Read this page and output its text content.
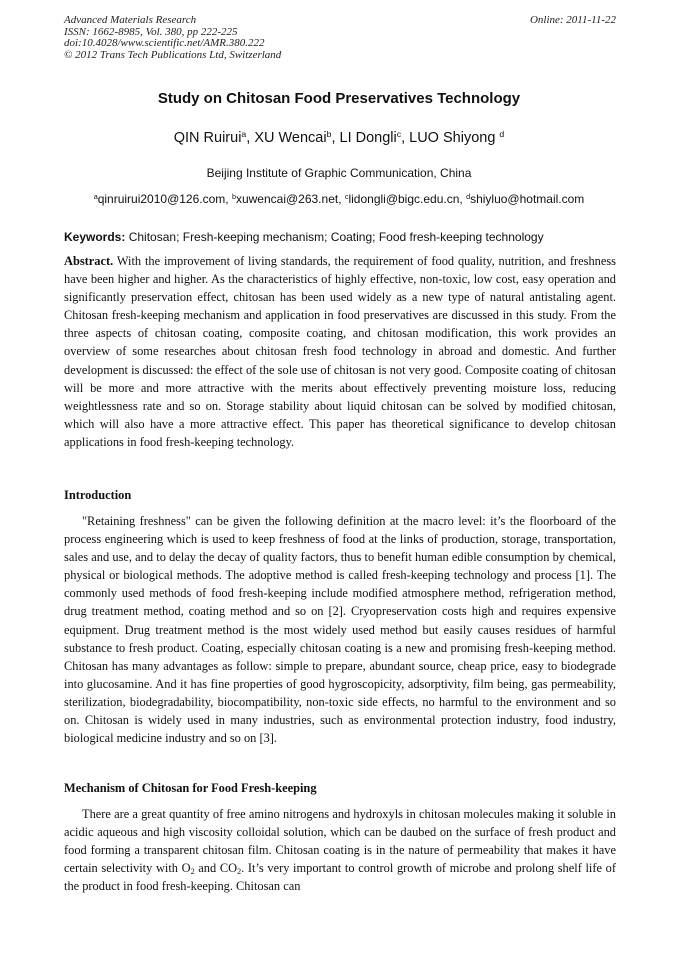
Advanced Materials Research
ISSN: 1662-8985, Vol. 380, pp 222-225
doi:10.4028/www.scientific.net/AMR.380.222
© 2012 Trans Tech Publications Ltd, Switzerland
Online: 2011-11-22
Study on Chitosan Food Preservatives Technology
QIN Ruirui$^a$, XU Wencai$^b$, LI Dongli$^c$, LUO Shiyong $^d$
Beijing Institute of Graphic Communication, China
$^a$qinruirui2010@126.com, $^b$xuwencai@263.net, $^c$lidongli@bigc.edu.cn, $^d$shiyluo@hotmail.com
Keywords: Chitosan; Fresh-keeping mechanism; Coating; Food fresh-keeping technology

Abstract. With the improvement of living standards, the requirement of food quality, nutrition, and freshness have been higher and higher. As the characteristics of highly effective, non-toxic, low cost, easy operation and significantly preservation effect, chitosan has been used widely as a new type of natural antistaling agent. Chitosan fresh-keeping mechanism and application in food preservatives are discussed in this study. From the three aspects of chitosan coating, composite coating, and chitosan modification, this work provides an overview of some researches about chitosan fresh food technology in abroad and domestic. And further development is discussed: the effect of the sole use of chitosan is not very good. Composite coating of chitosan will be more and more attractive with the merits about effectively preventing moisture loss, reducing weightlessness rate and so on. Storage stability about liquid chitosan can be solved by modified chitosan, which will also have a more attractive effect. This paper has theoretical significance to develop chitosan applications in food fresh-keeping technology.

Introduction

"Retaining freshness" can be given the following definition at the macro level: it’s the floorboard of the process engineering which is used to keep freshness of food at the links of production, storage, transportation, sales and use, and to delay the decay of quality factors, thus to benefit human edible consumption by chemical, physical or biological methods. The adoptive method is called fresh-keeping technology and process [1]. The commonly used methods of food fresh-keeping include modified atmosphere method, refrigeration method, drug treatment method, coating method and so on [2]. Cryopreservation costs high and requires expensive equipment. Drug treatment method is the most widely used method but easily causes residues of harmful substance to fresh product. Coating, especially chitosan coating is a new and promising fresh-keeping method. Chitosan has many advantages as follow: simple to prepare, abundant source, cheap price, easy to biodegrade into glucosamine. And it has fine properties of good hygroscopicity, adsorptivity, film being, gas permeability, sterilization, biodegradability, biocompatibility, non-toxic side effects, no harmful to the environment and so on. Chitosan is widely used in many industries, such as environmental protection industry, food industry, biological medicine industry and so on [3].

Mechanism of Chitosan for Food Fresh-keeping

There are a great quantity of free amino nitrogens and hydroxyls in chitosan molecules making it soluble in acidic aqueous and high viscosity colloidal solution, which can be daubed on the surface of fresh product and food forming a transparent chitosan film. Chitosan coating is in the nature of permeability that makes it have certain selectivity with $O_2$ and $CO_2$. It’s very important to control growth of microbe and prolong shelf life of the product in food fresh-keeping. Chitosan can
